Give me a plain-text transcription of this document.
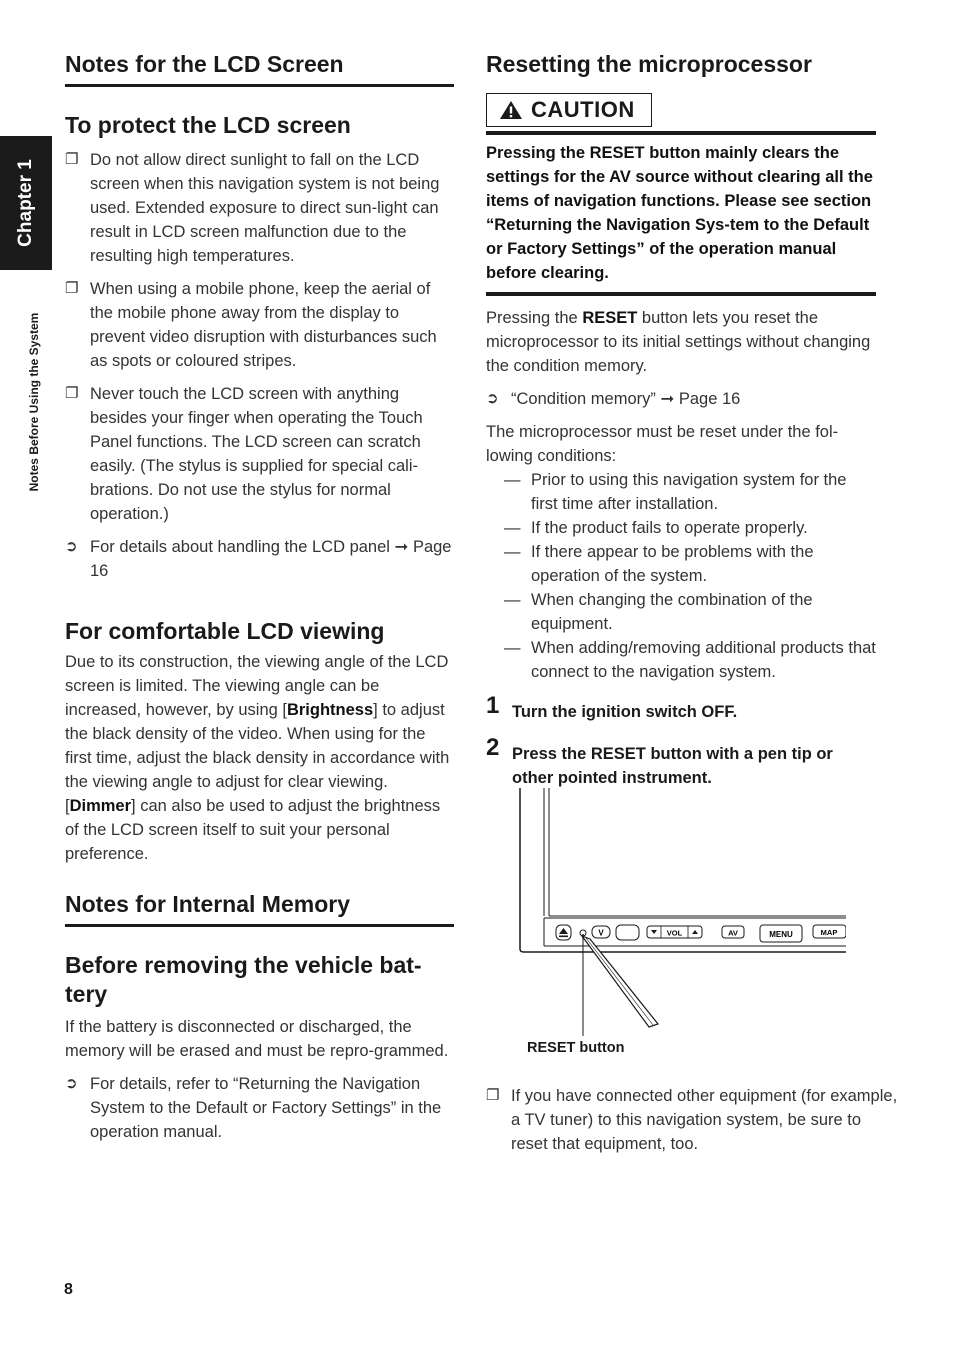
Chapter 1
Notes Before Using the System
Notes for the LCD Screen
To protect the LCD screen
❐ Do not allow direct sunlight to fall on the LCD screen when this navigation system is not being used. Extended exposure to direct sun-light can result in LCD screen malfunction due to the resulting high temperatures.
❐ When using a mobile phone, keep the aerial of the mobile phone away from the display to prevent video disruption with disturbances such as spots or coloured stripes.
❐ Never touch the LCD screen with anything besides your finger when operating the Touch Panel functions. The LCD screen can scratch easily. (The stylus is supplied for special cali-brations. Do not use the stylus for normal operation.)
➲ For details about handling the LCD panel ➞ Page 16
For comfortable LCD viewing

Due to its construction, the viewing angle of the LCD screen is limited. The viewing angle can be increased, however, by using [Brightness] to adjust the black density of the video. When using for the first time, adjust the black density in accordance with the viewing angle to adjust for clear viewing. [Dimmer] can also be used to adjust the brightness of the LCD screen itself to suit your personal preference.

Notes for Internal Memory
Before removing the vehicle bat-tery

If the battery is disconnected or discharged, the memory will be erased and must be repro-grammed.

➲ For details, refer to “Returning the Navigation System to the Default or Factory Settings” in the operation manual.
Resetting the microprocessor
CAUTION
Pressing the RESET button mainly clears the settings for the AV source without clearing all the items of navigation functions. Please see section “Returning the Navigation Sys-tem to the Default or Factory Settings” of the operation manual before clearing.

Pressing the RESET button lets you reset the microprocessor to its initial settings without changing the condition memory.

➲ “Condition memory” ➞ Page 16

The microprocessor must be reset under the fol-lowing conditions:

— Prior to using this navigation system for the first time after installation.
— If the product fails to operate properly.
— If there appear to be problems with the operation of the system.
— When changing the combination of the equipment.
— When adding/removing additional products that connect to the navigation system.
1 Turn the ignition switch OFF.
2 Press the RESET button with a pen tip or other pointed instrument.
V	VOL	AV	MENU	MAP
RESET button
❐ If you have connected other equipment (for example, a TV tuner) to this navigation system, be sure to reset that equipment, too.
8
